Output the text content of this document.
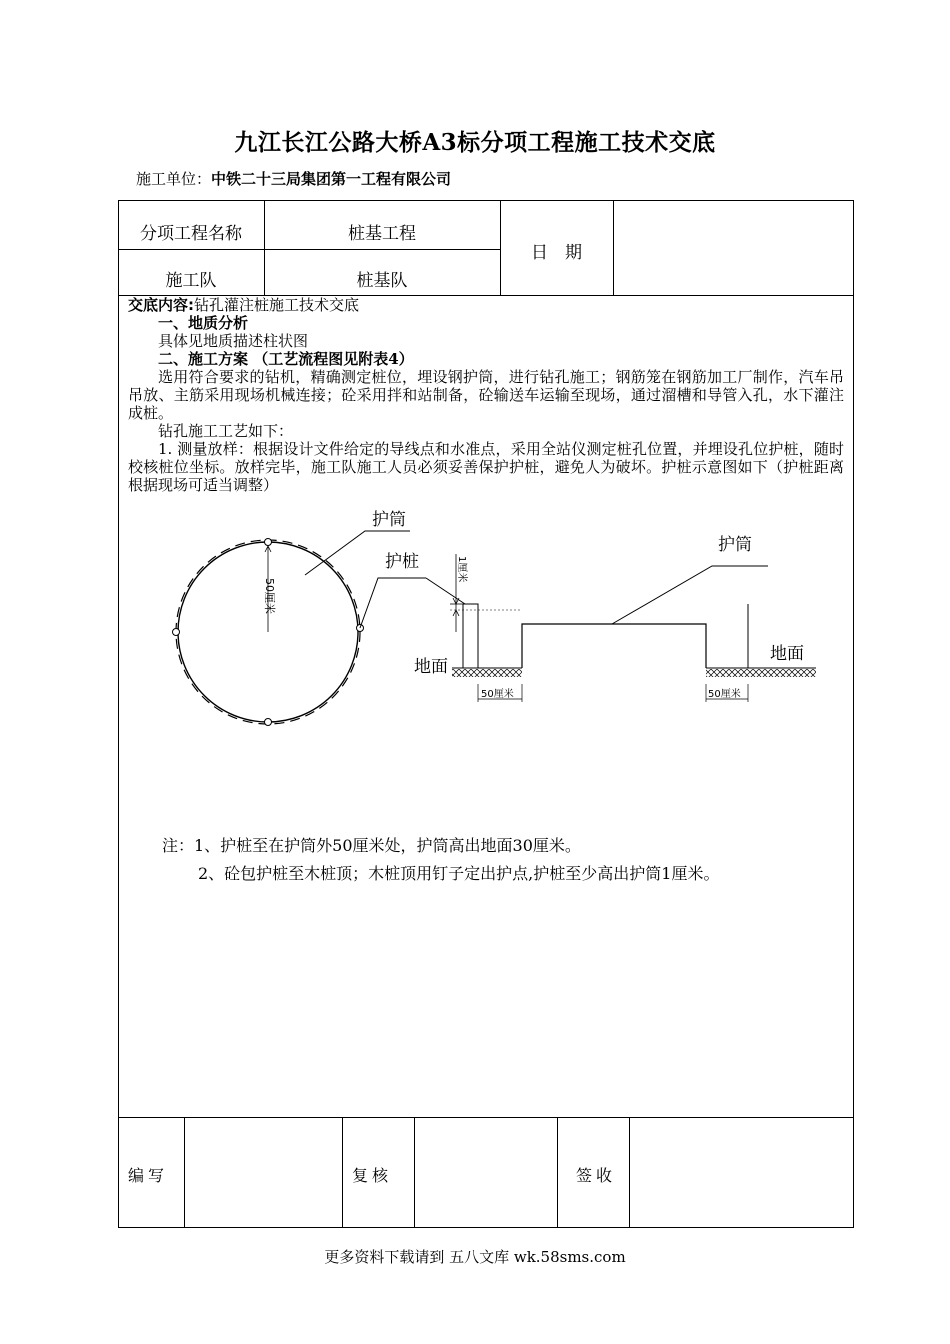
九江长江公路大桥A3标分项工程施工技术交底
施工单位：中铁二十三局集团第一工程有限公司
分项工程名称	桩基工程
施工队	桩基队
日　期

交底内容:钻孔灌注桩施工技术交底

一、地质分析

具体见地质描述柱状图

二、施工方案 （工艺流程图见附表4）

选用符合要求的钻机，精确测定桩位，埋设钢护筒，进行钻孔施工；钢筋笼在钢筋加工厂制作，汽车吊吊放、主筋采用现场机械连接；砼采用拌和站制备，砼输送车运输至现场，通过溜槽和导管入孔，水下灌注成桩。

钻孔施工工艺如下：

1. 测量放样：根据设计文件给定的导线点和水准点，采用全站仪测定桩孔位置，并埋设孔位护桩，随时校核桩位坐标。放样完毕，施工队施工人员必须妥善保护护桩，避免人为破坏。护桩示意图如下（护桩距离根据现场可适当调整）

50厘米
护筒
护桩	1厘米
护筒
地面
地面
50厘米	50厘米
注：1、护桩至在护筒外50厘米处，护筒高出地面30厘米。
2、砼包护桩至木桩顶；木桩顶用钉子定出护点,护桩至少高出护筒1厘米。
编写	复核	签收
更多资料下载请到 五八文库 wk.58sms.com
